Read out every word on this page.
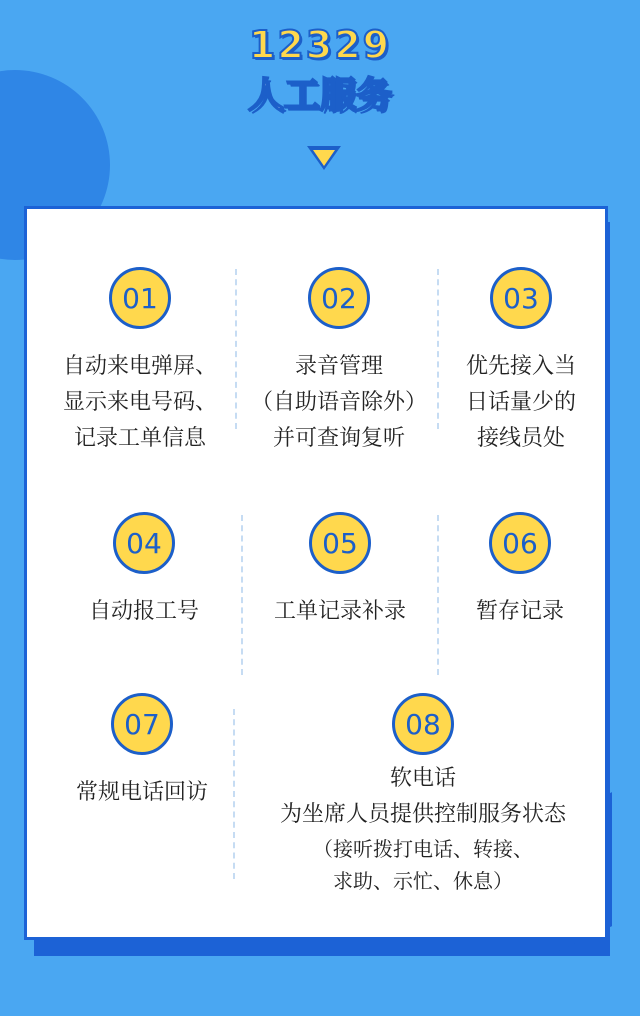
12329
人工服务
01
自动来电弹屏、
显示来电号码、
记录工单信息
02
录音管理
（自助语音除外）
并可查询复听
03
优先接入当
日话量少的
接线员处
04
自动报工号
05
工单记录补录
06
暂存记录
07
常规电话回访
08
软电话
为坐席人员提供控制服务状态
（接听拨打电话、转接、
求助、示忙、休息）
